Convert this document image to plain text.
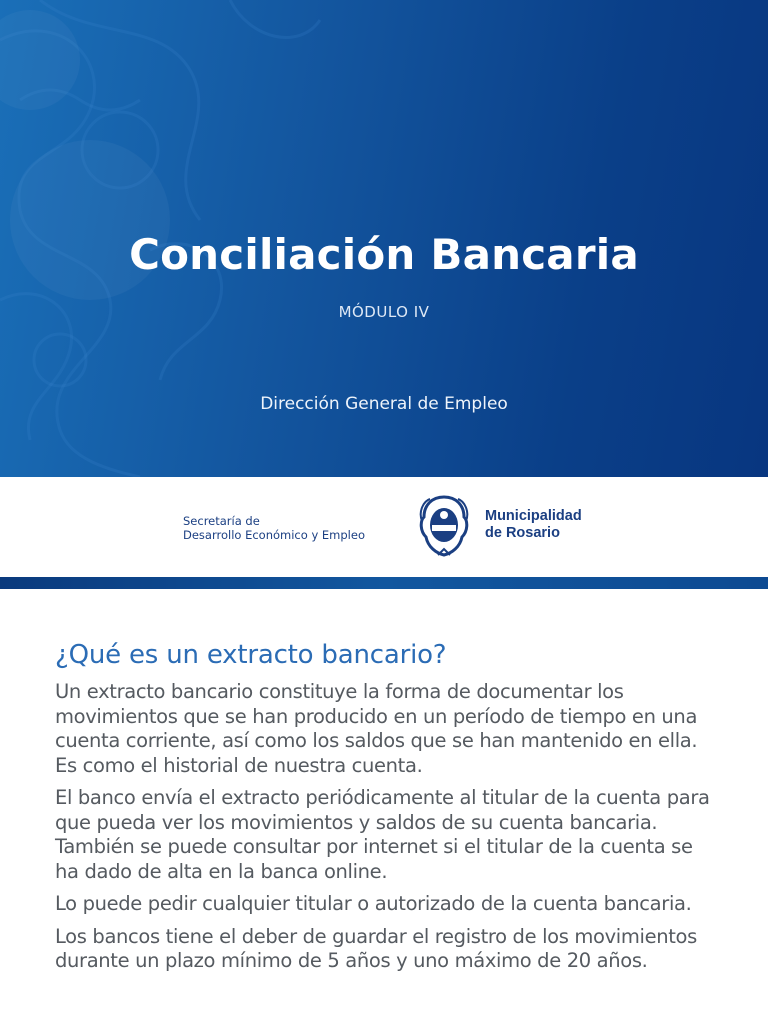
Conciliación Bancaria
MÓDULO IV
Dirección General de Empleo
Secretaría de
Desarrollo Económico y Empleo
Municipalidad
de Rosario
¿Qué es un extracto bancario?

Un extracto bancario constituye la forma de documentar los movimientos que se han producido en un período de tiempo en una cuenta corriente, así como los saldos que se han mantenido en ella. Es como el historial de nuestra cuenta.

El banco envía el extracto periódicamente al titular de la cuenta para que pueda ver los movimientos y saldos de su cuenta bancaria. También se puede consultar por internet si el titular de la cuenta se ha dado de alta en la banca online.

Lo puede pedir cualquier titular o autorizado de la cuenta bancaria.

Los bancos tiene el deber de guardar el registro de los movimientos durante un plazo mínimo de 5 años y uno máximo de 20 años.
